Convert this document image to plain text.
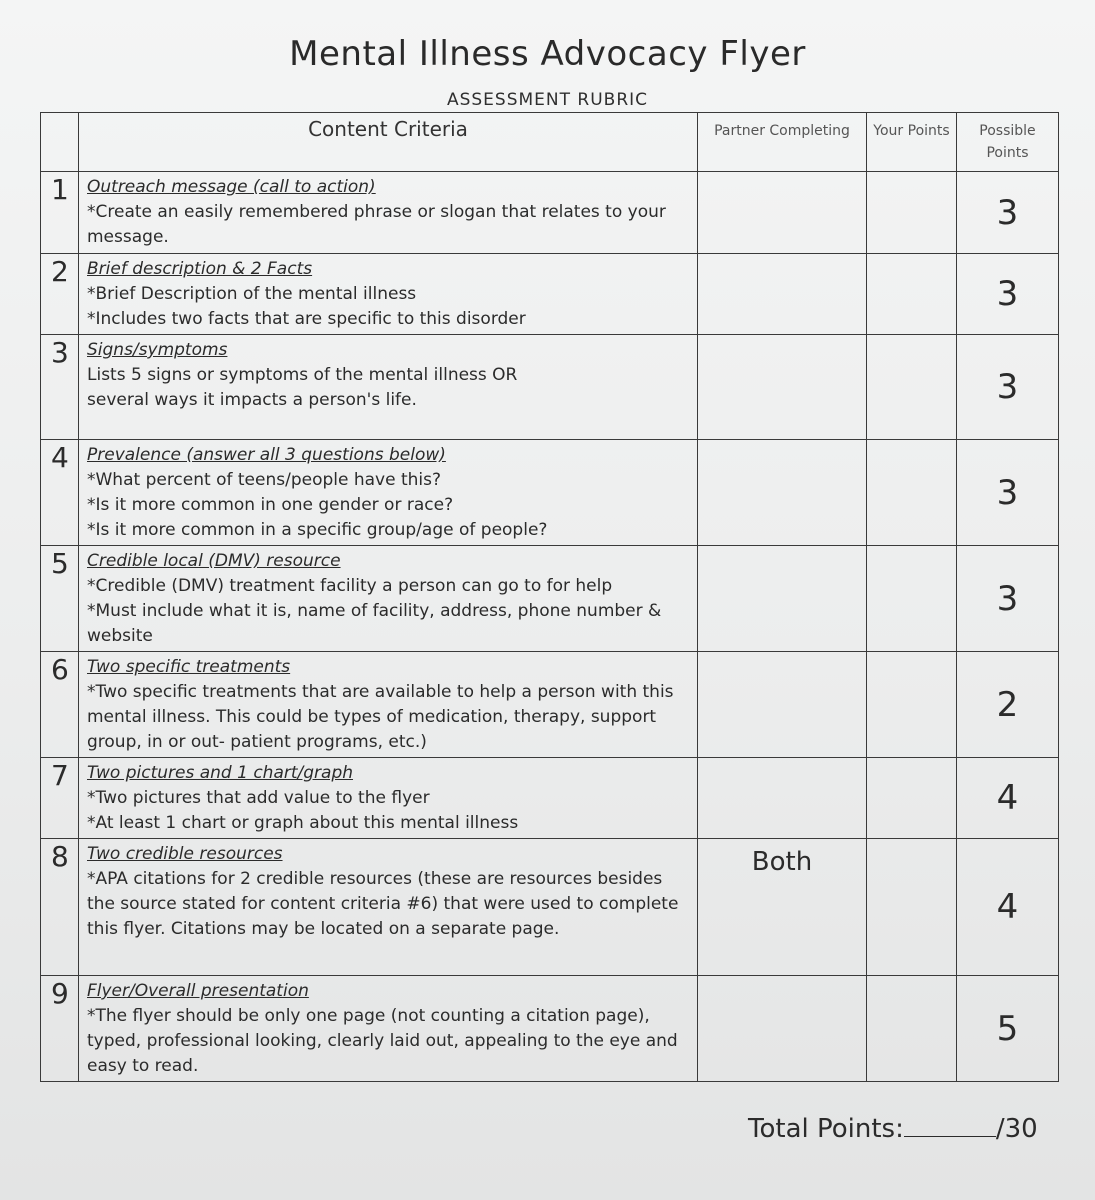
Mental Illness Advocacy Flyer
ASSESSMENT RUBRIC
	Content Criteria	Partner Completing	Your Points	Possible Points
1	Outreach message (call to action)
*Create an easily remembered phrase or slogan that relates to your message.			3
2	Brief description & 2 Facts
*Brief Description of the mental illness
*Includes two facts that are specific to this disorder			3
3	Signs/symptoms
Lists 5 signs or symptoms of the mental illness OR
several ways it impacts a person's life.			3
4	Prevalence (answer all 3 questions below)
*What percent of teens/people have this?
*Is it more common in one gender or race?
*Is it more common in a specific group/age of people?			3
5	Credible local (DMV) resource
*Credible (DMV) treatment facility a person can go to for help
*Must include what it is, name of facility, address, phone number & website			3
6	Two specific treatments
*Two specific treatments that are available to help a person with this mental illness. This could be types of medication, therapy, support group, in or out- patient programs, etc.)			2
7	Two pictures and 1 chart/graph
*Two pictures that add value to the flyer
*At least 1 chart or graph about this mental illness			4
8	Two credible resources
*APA citations for 2 credible resources (these are resources besides the source stated for content criteria #6) that were used to complete this flyer. Citations may be located on a separate page.	Both		4
9	Flyer/Overall presentation
*The flyer should be only one page (not counting a citation page), typed, professional looking, clearly laid out, appealing to the eye and easy to read.			5
Total Points:	/30
